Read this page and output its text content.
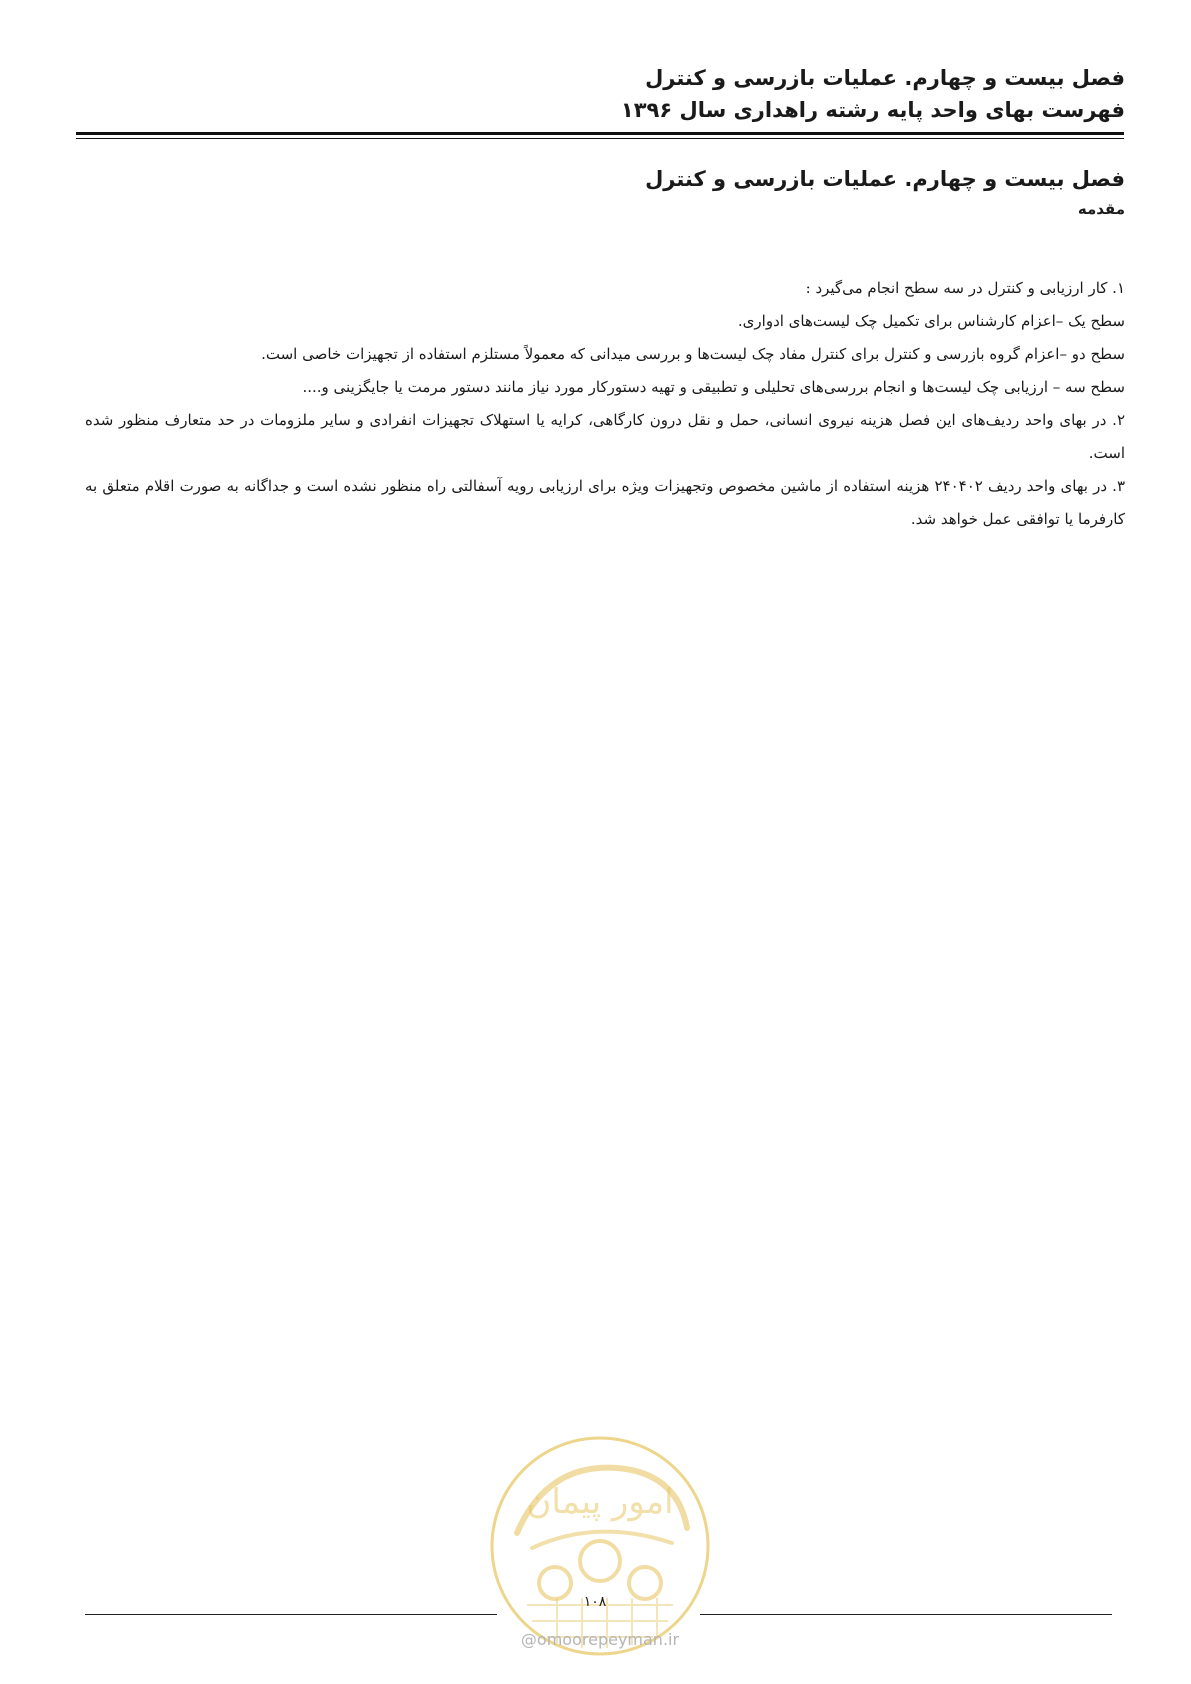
فصل بیست و چهارم. عملیات بازرسی و کنترل
فهرست بهای واحد پایه رشته راهداری سال ۱۳۹۶

فصل بیست و چهارم. عملیات بازرسی و کنترل

مقدمه

۱. کار ارزیابی و کنترل در سه سطح انجام می‌گیرد :

سطح یک –اعزام کارشناس برای تکمیل چک لیست‌های ادواری.

سطح دو –اعزام گروه بازرسی و کنترل برای کنترل مفاد چک لیست‌ها و بررسی میدانی که معمولاً مستلزم استفاده از تجهیزات خاصی است.

سطح سه – ارزیابی چک لیست‌ها و انجام بررسی‌های تحلیلی و تطبیقی و تهیه دستورکار مورد نیاز مانند دستور مرمت یا جایگزینی و....

۲. در بهای واحد ردیف‌های این فصل هزینه نیروی انسانی، حمل و نقل درون کارگاهی، کرایه یا استهلاک تجهیزات انفرادی و سایر ملزومات در حد متعارف منظور شده است.

۳. در بهای واحد ردیف ۲۴۰۴۰۲ هزینه استفاده از ماشین مخصوص وتجهیزات ویژه برای ارزیابی رویه آسفالتی راه منظور نشده است و جداگانه به صورت اقلام متعلق به کارفرما یا توافقی عمل خواهد شد.

امور پیمان
۱۰۸
@omoorepeyman.ir
